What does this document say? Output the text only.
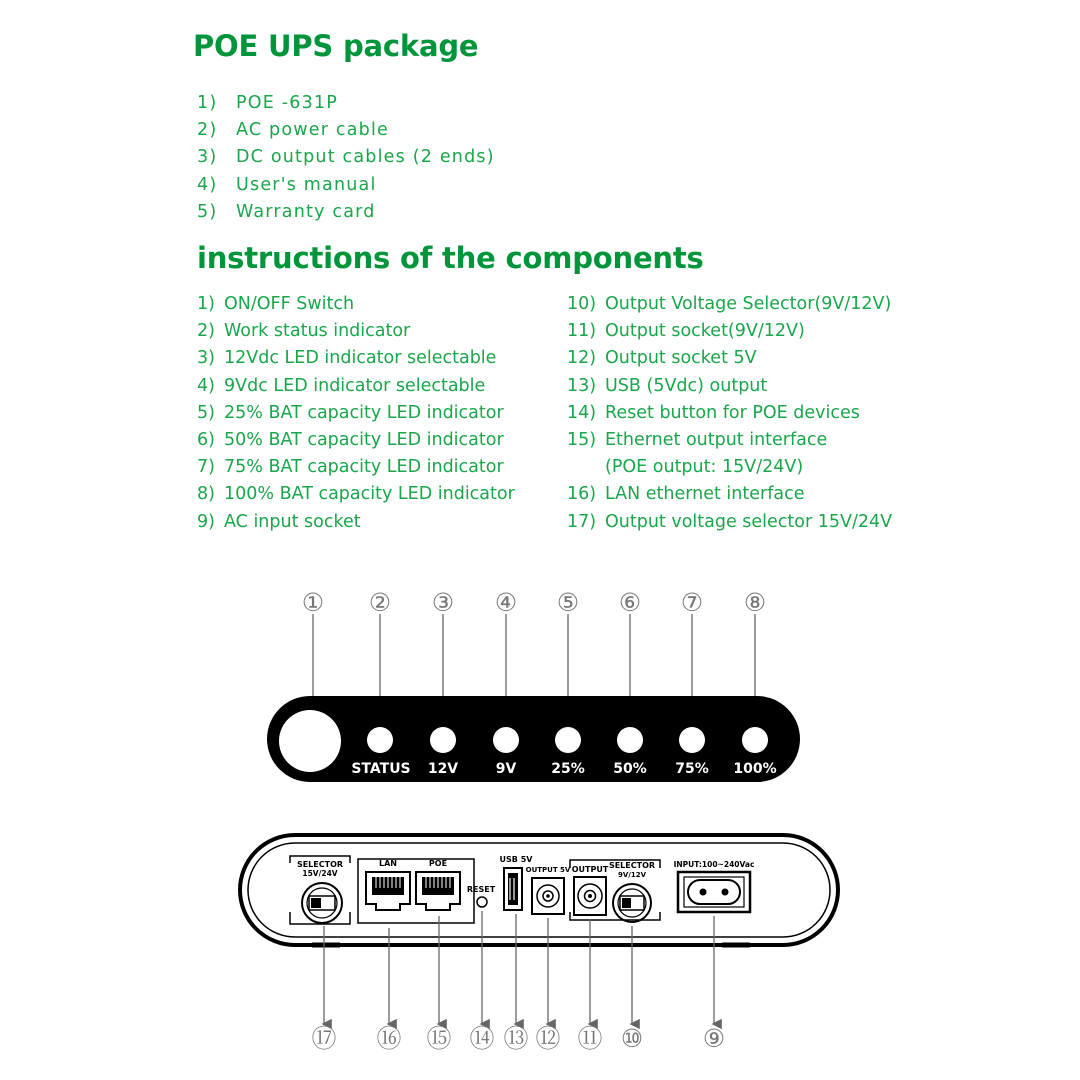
POE UPS package
1) POE -631P
2) AC power cable
3) DC output cables (2 ends)
4) User's manual
5) Warranty card
instructions of the components
1) ON/OFF Switch
2) Work status indicator
3) 12Vdc LED indicator selectable
4) 9Vdc LED indicator selectable
5) 25% BAT capacity LED indicator
6) 50% BAT capacity LED indicator
7) 75% BAT capacity LED indicator
8) 100% BAT capacity LED indicator
9) AC input socket
10) Output Voltage Selector(9V/12V)
11) Output socket(9V/12V)
12) Output socket 5V
13) USB (5Vdc) output
14) Reset button for POE devices
15) Ethernet output interface
(POE output: 15V/24V)
16) LAN ethernet interface
17) Output voltage selector 15V/24V
① ② ③ ④ ⑤ ⑥ ⑦ ⑧
STATUS 12V	9V 25% 50% 75% 100%
SELECTOR
15V/24V
LAN	POE
RESET
USB 5V
OUTPUT 5V OUTPUT SELECTOR
9V/12V
INPUT:100~240Vac
⑰ ⑯ ⑮ ⑭ ⑬ ⑫ ⑪ ⑩ ⑨
